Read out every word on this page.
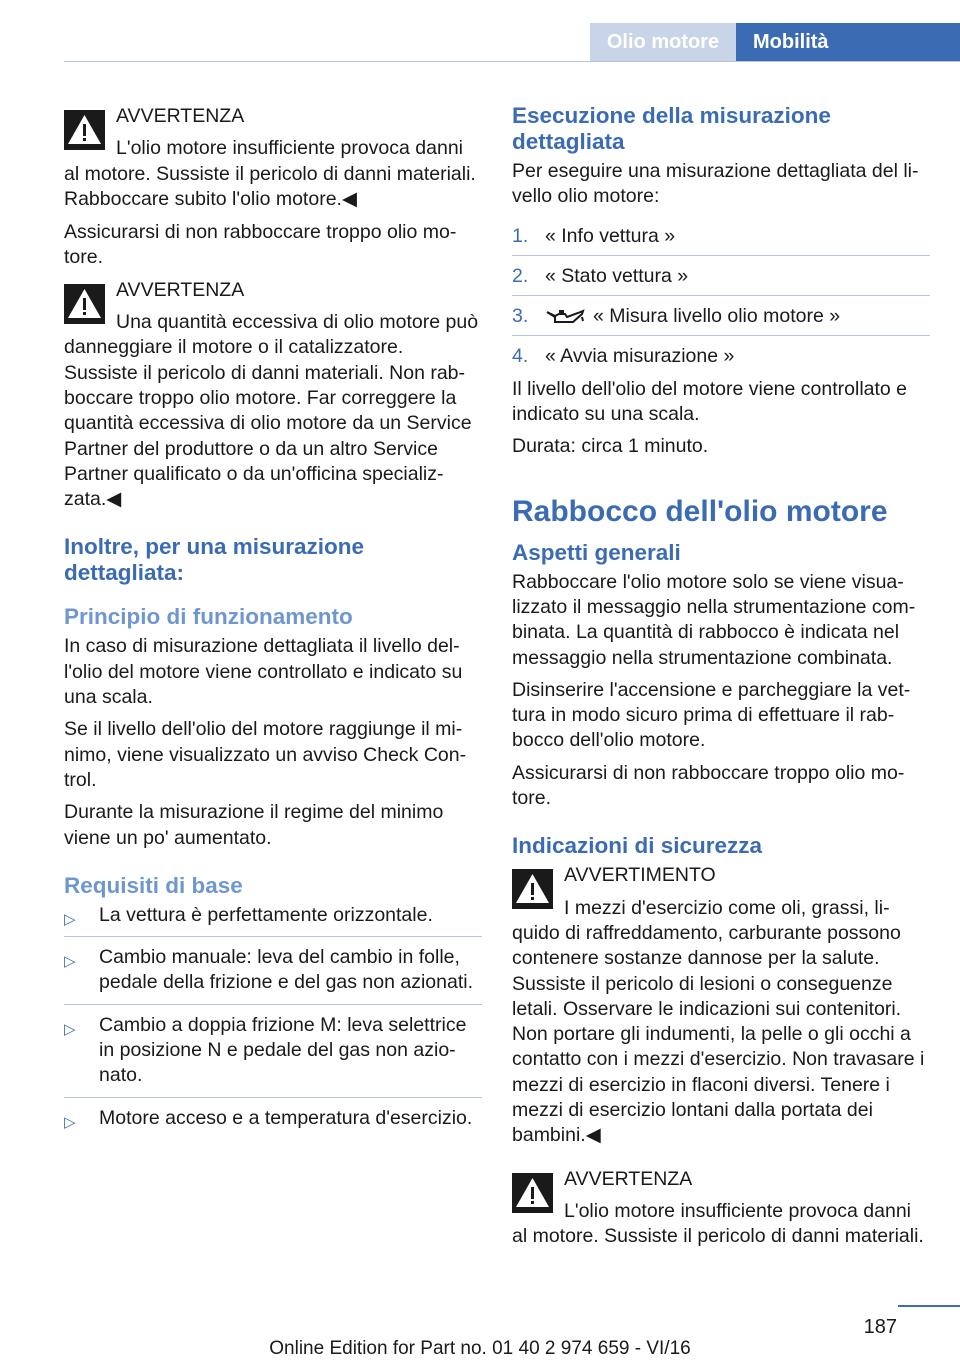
Olio motore	Mobilità
AVVERTENZA
L'olio motore insufficiente provoca danni al motore. Sussiste il pericolo di danni materiali. Rabboccare subito l'olio motore.◀

Assicurarsi di non rabboccare troppo olio motore.

AVVERTENZA
Una quantità eccessiva di olio motore può danneggiare il motore o il catalizzatore. Sussiste il pericolo di danni materiali. Non rabboccare troppo olio motore. Far correggere la quantità eccessiva di olio motore da un Service Partner del produttore o da un altro Service Partner qualificato o da un'officina specializzata.◀
Inoltre, per una misurazione dettagliata:
Principio di funzionamento

In caso di misurazione dettagliata il livello dell'olio del motore viene controllato e indicato su una scala.

Se il livello dell'olio del motore raggiunge il minimo, viene visualizzato un avviso Check Control.

Durante la misurazione il regime del minimo viene un po' aumentato.

Requisiti di base
▷ La vettura è perfettamente orizzontale.
▷ Cambio manuale: leva del cambio in folle, pedale della frizione e del gas non azionati.
▷ Cambio a doppia frizione M: leva selettrice in posizione N e pedale del gas non azionato.
▷ Motore acceso e a temperatura d'esercizio.
Esecuzione della misurazione dettagliata

Per eseguire una misurazione dettagliata del livello olio motore:

1. « Info vettura »
2. « Stato vettura »
3.	« Misura livello olio motore »
4. « Avvia misurazione »

Il livello dell'olio del motore viene controllato e indicato su una scala.

Durata: circa 1 minuto.

Rabbocco dell'olio motore
Aspetti generali

Rabboccare l'olio motore solo se viene visualizzato il messaggio nella strumentazione combinata. La quantità di rabbocco è indicata nel messaggio nella strumentazione combinata.

Disinserire l'accensione e parcheggiare la vettura in modo sicuro prima di effettuare il rabbocco dell'olio motore.

Assicurarsi di non rabboccare troppo olio motore.

Indicazioni di sicurezza
AVVERTIMENTO
I mezzi d'esercizio come oli, grassi, liquido di raffreddamento, carburante possono contenere sostanze dannose per la salute. Sussiste il pericolo di lesioni o conseguenze letali. Osservare le indicazioni sui contenitori. Non portare gli indumenti, la pelle o gli occhi a contatto con i mezzi d'esercizio. Non travasare i mezzi di esercizio in flaconi diversi. Tenere i mezzi di esercizio lontani dalla portata dei bambini.◀
AVVERTENZA
L'olio motore insufficiente provoca danni al motore. Sussiste il pericolo di danni materiali.
187
Online Edition for Part no. 01 40 2 974 659 - VI/16
